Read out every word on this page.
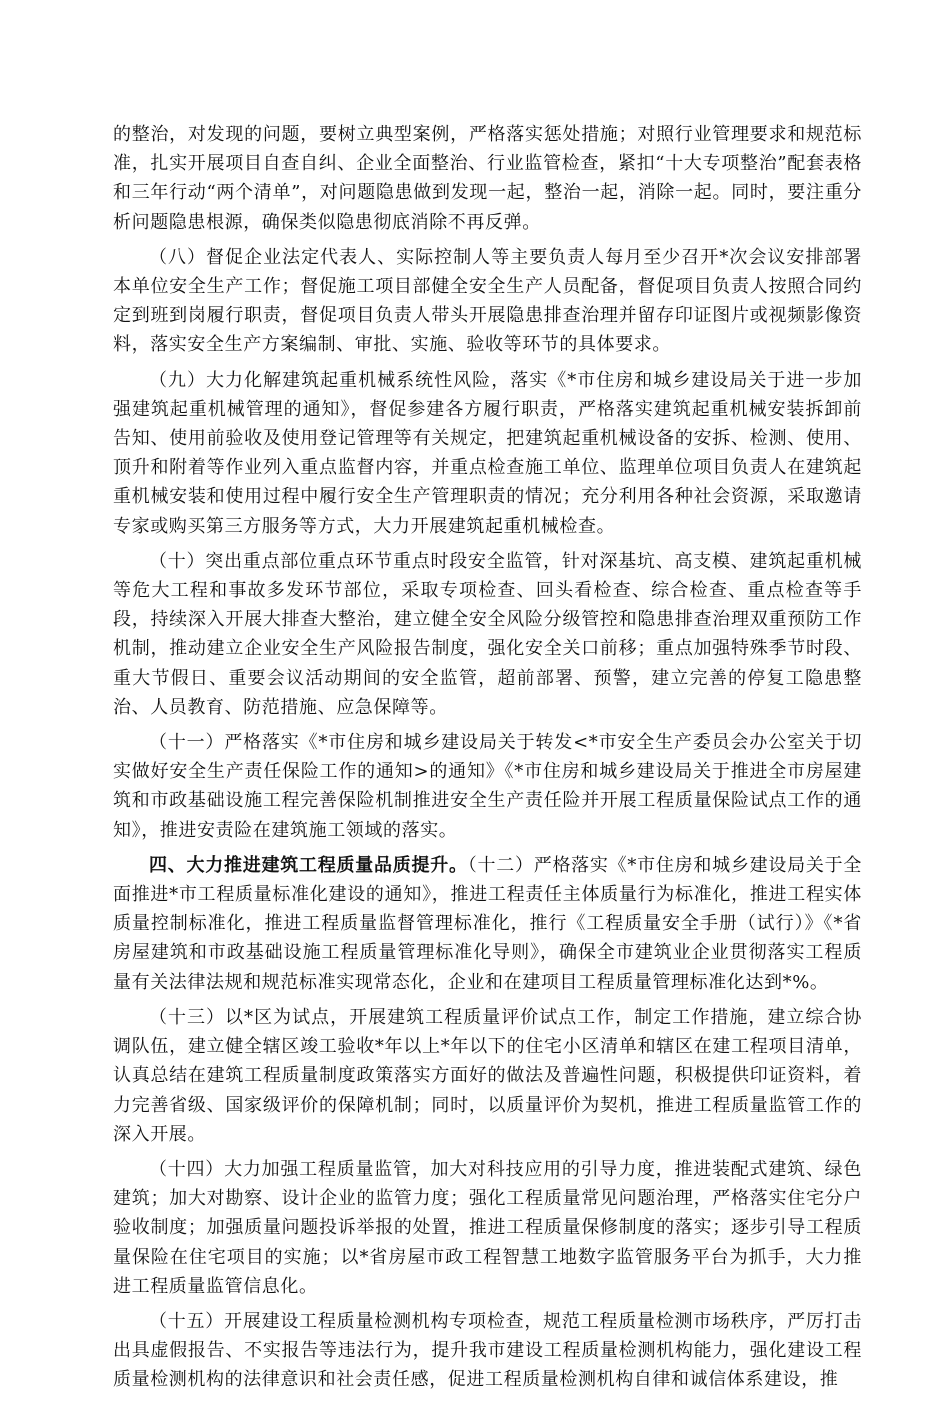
的整治，对发现的问题，要树立典型案例，严格落实惩处措施；对照行业管理要求和规范标准，扎实开展项目自查自纠、企业全面整治、行业监管检查，紧扣“十大专项整治”配套表格和三年行动“两个清单”，对问题隐患做到发现一起，整治一起，消除一起。同时，要注重分析问题隐患根源，确保类似隐患彻底消除不再反弹。

（八）督促企业法定代表人、实际控制人等主要负责人每月至少召开*次会议安排部署本单位安全生产工作；督促施工项目部健全安全生产人员配备，督促项目负责人按照合同约定到班到岗履行职责，督促项目负责人带头开展隐患排查治理并留存印证图片或视频影像资料，落实安全生产方案编制、审批、实施、验收等环节的具体要求。

（九）大力化解建筑起重机械系统性风险，落实《*市住房和城乡建设局关于进一步加强建筑起重机械管理的通知》，督促参建各方履行职责，严格落实建筑起重机械安装拆卸前告知、使用前验收及使用登记管理等有关规定，把建筑起重机械设备的安拆、检测、使用、顶升和附着等作业列入重点监督内容，并重点检查施工单位、监理单位项目负责人在建筑起重机械安装和使用过程中履行安全生产管理职责的情况；充分利用各种社会资源，采取邀请专家或购买第三方服务等方式，大力开展建筑起重机械检查。

（十）突出重点部位重点环节重点时段安全监管，针对深基坑、高支模、建筑起重机械等危大工程和事故多发环节部位，采取专项检查、回头看检查、综合检查、重点检查等手段，持续深入开展大排查大整治，建立健全安全风险分级管控和隐患排查治理双重预防工作机制，推动建立企业安全生产风险报告制度，强化安全关口前移；重点加强特殊季节时段、重大节假日、重要会议活动期间的安全监管，超前部署、预警，建立完善的停复工隐患整治、人员教育、防范措施、应急保障等。

（十一）严格落实《*市住房和城乡建设局关于转发<*市安全生产委员会办公室关于切实做好安全生产责任保险工作的通知>的通知》《*市住房和城乡建设局关于推进全市房屋建筑和市政基础设施工程完善保险机制推进安全生产责任险并开展工程质量保险试点工作的通知》，推进安责险在建筑施工领域的落实。

四、大力推进建筑工程质量品质提升。（十二）严格落实《*市住房和城乡建设局关于全面推进*市工程质量标准化建设的通知》，推进工程责任主体质量行为标准化，推进工程实体质量控制标准化，推进工程质量监督管理标准化，推行《工程质量安全手册（试行）》《*省房屋建筑和市政基础设施工程质量管理标准化导则》，确保全市建筑业企业贯彻落实工程质量有关法律法规和规范标准实现常态化，企业和在建项目工程质量管理标准化达到*%。

（十三）以*区为试点，开展建筑工程质量评价试点工作，制定工作措施，建立综合协调队伍，建立健全辖区竣工验收*年以上*年以下的住宅小区清单和辖区在建工程项目清单，认真总结在建筑工程质量制度政策落实方面好的做法及普遍性问题，积极提供印证资料，着力完善省级、国家级评价的保障机制；同时，以质量评价为契机，推进工程质量监管工作的深入开展。

（十四）大力加强工程质量监管，加大对科技应用的引导力度，推进装配式建筑、绿色建筑；加大对勘察、设计企业的监管力度；强化工程质量常见问题治理，严格落实住宅分户验收制度；加强质量问题投诉举报的处置，推进工程质量保修制度的落实；逐步引导工程质量保险在住宅项目的实施；以*省房屋市政工程智慧工地数字监管服务平台为抓手，大力推进工程质量监管信息化。

（十五）开展建设工程质量检测机构专项检查，规范工程质量检测市场秩序，严厉打击出具虚假报告、不实报告等违法行为，提升我市建设工程质量检测机构能力，强化建设工程质量检测机构的法律意识和社会责任感，促进工程质量检测机构自律和诚信体系建设，推
